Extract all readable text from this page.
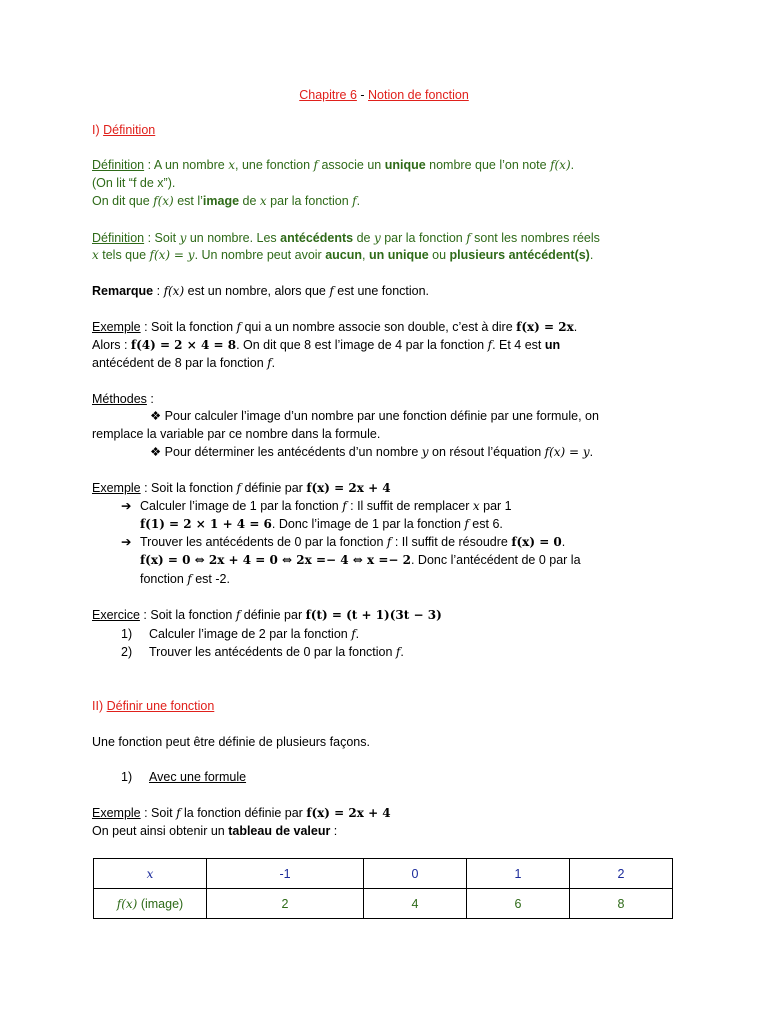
Chapitre 6 - Notion de fonction
I) Définition
Définition : A un nombre x, une fonction f associe un unique nombre que l’on note f(x).
(On lit “f de x”).
On dit que f(x) est l’image de x par la fonction f.
Définition : Soit y un nombre. Les antécédents de y par la fonction f sont les nombres réels
x tels que f(x) = y. Un nombre peut avoir aucun, un unique ou plusieurs antécédent(s).
Remarque : f(x) est un nombre, alors que f est une fonction.
Exemple : Soit la fonction f qui a un nombre associe son double, c’est à dire f(x) = 2x.
Alors : f(4) = 2 × 4 = 8. On dit que 8 est l’image de 4 par la fonction f. Et 4 est un
antécédent de 8 par la fonction f.
Méthodes :
❖ Pour calculer l’image d’un nombre par une fonction définie par une formule, on
remplace la variable par ce nombre dans la formule.
❖ Pour déterminer les antécédents d’un nombre y on résout l’équation f(x) = y.
Exemple : Soit la fonction f définie par f(x) = 2x + 4
➔ Calculer l’image de 1 par la fonction f : Il suffit de remplacer x par 1
f(1) = 2 × 1 + 4 = 6. Donc l’image de 1 par la fonction f est 6.
➔ Trouver les antécédents de 0 par la fonction f : Il suffit de résoudre f(x) = 0.
f(x) = 0 ⇔ 2x + 4 = 0 ⇔ 2x =− 4 ⇔ x =− 2. Donc l’antécédent de 0 par la
fonction f est -2.
Exercice : Soit la fonction f définie par f(t) = (t + 1)(3t − 3)
1) Calculer l’image de 2 par la fonction f.
2) Trouver les antécédents de 0 par la fonction f.
II) Définir une fonction
Une fonction peut être définie de plusieurs façons.
1) Avec une formule
Exemple : Soit f la fonction définie par f(x) = 2x + 4
On peut ainsi obtenir un tableau de valeur :
x	-1	0	1	2
f(x) (image)	2	4	6	8
